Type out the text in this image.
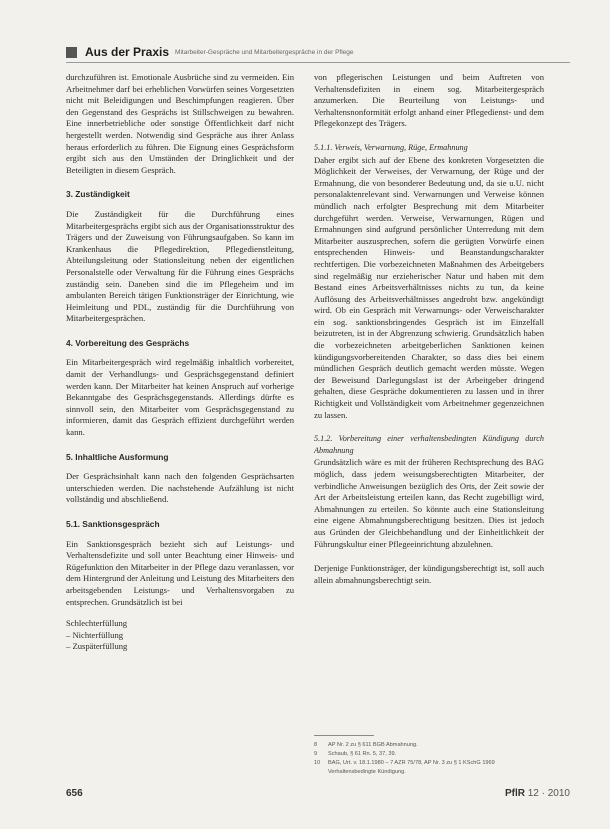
Aus der Praxis Mitarbeiter-Gespräche und Mitarbeitergespräche in der Pflege

durchzuführen ist. Emotionale Ausbrüche sind zu vermeiden. Ein Arbeitnehmer darf bei erheblichen Vorwürfen seines Vorgesetzten nicht mit Beleidigungen und Beschimpfungen reagieren. Über den Gegenstand des Gesprächs ist Stillschweigen zu bewahren. Eine innerbetriebliche oder sonstige Öffentlichkeit darf nicht hergestellt werden. Notwendig sind Gespräche aus ihrer Anlass heraus erforderlich zu führen. Die Eignung eines Gesprächsform ergibt sich aus den Umständen der Dringlichkeit und der Beteiligten in diesem Gespräch.

3. Zuständigkeit

Die Zuständigkeit für die Durchführung eines Mitarbeitergesprächs ergibt sich aus der Organisationsstruktur des Trägers und der Zuweisung von Führungsaufgaben. So kann im Krankenhaus die Pflegedirektion, Pflegedienstleitung, Abteilungsleitung oder Stationsleitung neben der eigentlichen Personalstelle oder Verwaltung für die Führung eines Gesprächs zuständig sein. Daneben sind die im Pflegeheim und im ambulanten Bereich tätigen Funktionsträger der Einrichtung, wie Heimleitung und PDL, zuständig für die Durchführung von Mitarbeitergesprächen.

4. Vorbereitung des Gesprächs

Ein Mitarbeitergespräch wird regelmäßig inhaltlich vorbereitet, damit der Verhandlungs- und Gesprächsgegenstand definiert werden kann. Der Mitarbeiter hat keinen Anspruch auf vorherige Bekanntgabe des Gesprächsgegenstands. Allerdings dürfte es sinnvoll sein, den Mitarbeiter vom Gesprächsgegenstand zu informieren, damit das Gespräch effizient durchgeführt werden kann.

5. Inhaltliche Ausformung

Der Gesprächsinhalt kann nach den folgenden Gesprächsarten unterschieden werden. Die nachstehende Aufzählung ist nicht vollständig und abschließend.

5.1. Sanktionsgespräch

Ein Sanktionsgespräch bezieht sich auf Leistungs- und Verhaltensdefizite und soll unter Beachtung einer Hinweis- und Rügefunktion den Mitarbeiter in der Pflege dazu veranlassen, vor dem Hintergrund der Anleitung und Leistung des Mitarbeiters den arbeitsgebenden Leistungs- und Verhaltensvorgaben zu entsprechen. Grundsätzlich ist bei

Schlechterfüllung
– Nichterfüllung
– Zuspäterfüllung

von pflegerischen Leistungen und beim Auftreten von Verhaltensdefiziten in einem sog. Mitarbeitergespräch anzumerken. Die Beurteilung von Leistungs- und Verhaltensnonformität erfolgt anhand einer Pflegedienst- und dem Pflegekonzept des Trägers.

5.1.1. Verweis, Verwarnung, Rüge, Ermahnung

Daher ergibt sich auf der Ebene des konkreten Vorgesetzten die Möglichkeit der Verweises, der Verwarnung, der Rüge und der Ermahnung, die von besonderer Bedeutung und, da sie u.U. nicht personalaktenrelevant sind. Verwarnungen und Verweise können mündlich nach erfolgter Besprechung mit dem Mitarbeiter durchgeführt werden. Verweise, Verwarnungen, Rügen und Ermahnungen sind aufgrund persönlicher Unterredung mit dem Mitarbeiter auszusprechen, sofern die gerügten Vorwürfe einen entsprechenden Hinweis- und Beanstandungscharakter rechtfertigen. Die vorbezeichneten Maßnahmen des Arbeitgebers sind regelmäßig nur erzieherischer Natur und haben mit dem Bestand eines Arbeitsverhältnisses nichts zu tun, da keine Auflösung des Arbeitsverhältnisses angedroht bzw. angekündigt wird. Ob ein Gespräch mit Verwarnungs- oder Verweischarakter ein sog. sanktionsbringendes Gespräch ist im Einzelfall beizutreten, ist in der Abgrenzung schwierig. Grundsätzlich haben die vorbezeichneten arbeitgeberlichen Sanktionen keinen kündigungsvorbereitenden Charakter, so dass dies bei einem mündlichen Gespräch deutlich gemacht werden müsste. Wegen der Beweisund Darlegungslast ist der Arbeitgeber dringend gehalten, diese Gespräche dokumentieren zu lassen und in ihrer Richtigkeit und Vollständigkeit vom Arbeitnehmer gegenzeichnen zu lassen.

5.1.2. Vorbereitung einer verhaltensbedingten Kündigung durch Abmahnung

Grundsätzlich wäre es mit der früheren Rechtsprechung des BAG möglich, dass jedem weisungsberechtigten Mitarbeiter, der verbindliche Anweisungen bezüglich des Orts, der Zeit sowie der Art der Arbeitsleistung erteilen kann, das Recht zugebilligt wird, Abmahnungen zu erteilen. So könnte auch eine Stationsleitung eine eigene Abmahnungsberechtigung besitzen. Dies ist jedoch aus Gründen der Gleichbehandlung und der Einheitlichkeit der Führungskultur einer Pflegeeinrichtung abzulehnen.

Derjenige Funktionsträger, der kündigungsberechtigt ist, soll auch allein abmahnungsberechtigt sein.

8	AP Nr. 2 zu § 611 BGB Abmahnung.
9	Schaub, § 61 Rn. 5, 37, 39.
10	BAG, Urt. v. 18.1.1980 – 7 AZR 75/78, AP Nr. 3 zu § 1 KSchG 1969 Verhaltensbedingte Kündigung.
656	PflR 12 · 2010
